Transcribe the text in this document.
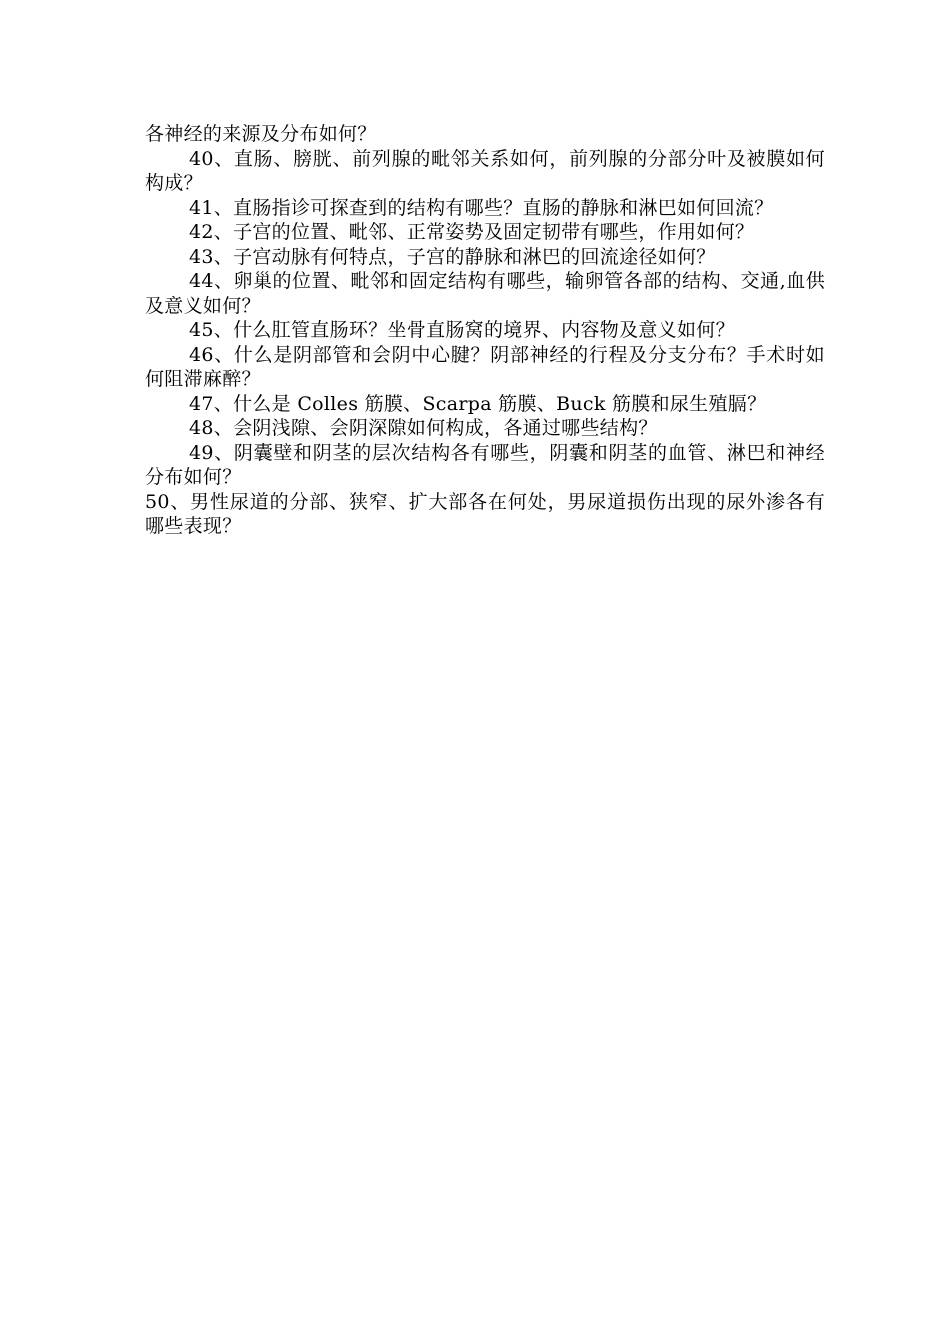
各神经的来源及分布如何？

40、直肠、膀胱、前列腺的毗邻关系如何，前列腺的分部分叶及被膜如何构成？

41、直肠指诊可探查到的结构有哪些？直肠的静脉和淋巴如何回流？

42、子宫的位置、毗邻、正常姿势及固定韧带有哪些，作用如何？

43、子宫动脉有何特点，子宫的静脉和淋巴的回流途径如何？

44、卵巢的位置、毗邻和固定结构有哪些，输卵管各部的结构、交通,血供及意义如何？

45、什么肛管直肠环？坐骨直肠窝的境界、内容物及意义如何？

46、什么是阴部管和会阴中心腱？阴部神经的行程及分支分布？手术时如何阻滞麻醉？

47、什么是 Colles 筋膜、Scarpa 筋膜、Buck 筋膜和尿生殖膈？

48、会阴浅隙、会阴深隙如何构成，各通过哪些结构？

49、阴囊壁和阴茎的层次结构各有哪些，阴囊和阴茎的血管、淋巴和神经分布如何？

50、男性尿道的分部、狭窄、扩大部各在何处，男尿道损伤出现的尿外渗各有哪些表现？
